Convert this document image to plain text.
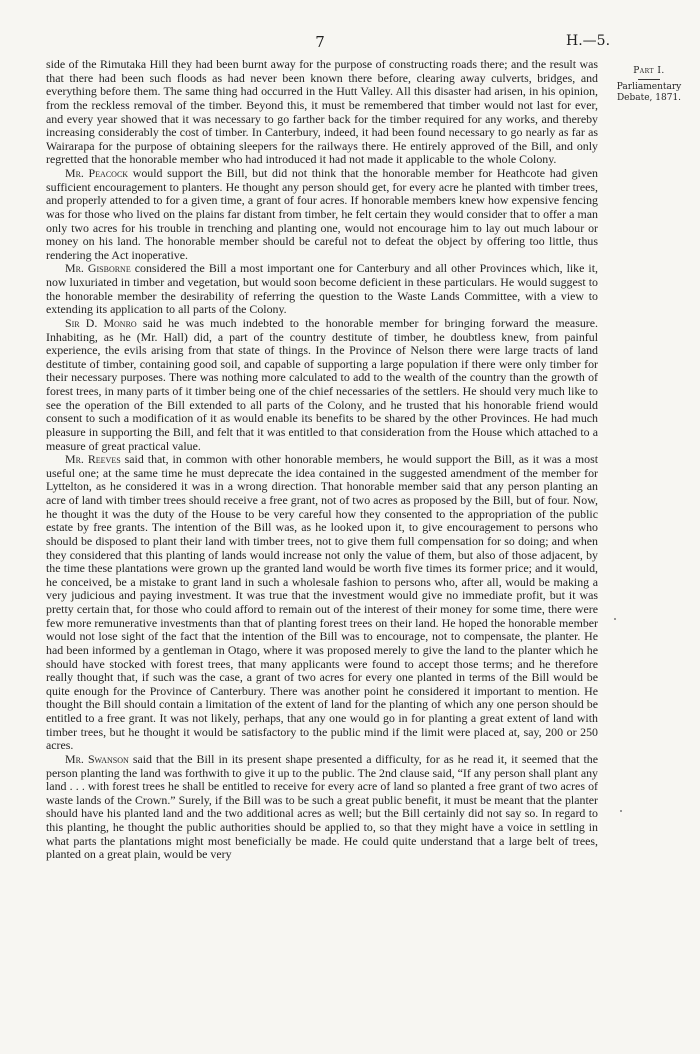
7	H.—5.
Part I.
Parliamentary
Debate, 1871.

side of the Rimutaka Hill they had been burnt away for the purpose of constructing roads there; and the result was that there had been such floods as had never been known there before, clearing away culverts, bridges, and everything before them. The same thing had occurred in the Hutt Valley. All this disaster had arisen, in his opinion, from the reckless removal of the timber. Beyond this, it must be remembered that timber would not last for ever, and every year showed that it was necessary to go farther back for the timber required for any works, and thereby increasing considerably the cost of timber. In Canterbury, indeed, it had been found necessary to go nearly as far as Wairarapa for the purpose of obtaining sleepers for the railways there. He entirely approved of the Bill, and only regretted that the honorable member who had introduced it had not made it applicable to the whole Colony.

Mr. Peacock would support the Bill, but did not think that the honorable member for Heathcote had given sufficient encouragement to planters. He thought any person should get, for every acre he planted with timber trees, and properly attended to for a given time, a grant of four acres. If honorable members knew how expensive fencing was for those who lived on the plains far distant from timber, he felt certain they would consider that to offer a man only two acres for his trouble in trenching and planting one, would not encourage him to lay out much labour or money on his land. The honorable member should be careful not to defeat the object by offering too little, thus rendering the Act inoperative.

Mr. Gisborne considered the Bill a most important one for Canterbury and all other Provinces which, like it, now luxuriated in timber and vegetation, but would soon become deficient in these particulars. He would suggest to the honorable member the desirability of referring the question to the Waste Lands Committee, with a view to extending its application to all parts of the Colony.

Sir D. Monro said he was much indebted to the honorable member for bringing forward the measure. Inhabiting, as he (Mr. Hall) did, a part of the country destitute of timber, he doubtless knew, from painful experience, the evils arising from that state of things. In the Province of Nelson there were large tracts of land destitute of timber, containing good soil, and capable of supporting a large population if there were only timber for their necessary purposes. There was nothing more calculated to add to the wealth of the country than the growth of forest trees, in many parts of it timber being one of the chief necessaries of the settlers. He should very much like to see the operation of the Bill extended to all parts of the Colony, and he trusted that his honorable friend would consent to such a modification of it as would enable its benefits to be shared by the other Provinces. He had much pleasure in supporting the Bill, and felt that it was entitled to that consideration from the House which attached to a measure of great practical value.

Mr. Reeves said that, in common with other honorable members, he would support the Bill, as it was a most useful one; at the same time he must deprecate the idea contained in the suggested amendment of the member for Lyttelton, as he considered it was in a wrong direction. That honorable member said that any person planting an acre of land with timber trees should receive a free grant, not of two acres as proposed by the Bill, but of four. Now, he thought it was the duty of the House to be very careful how they consented to the appropriation of the public estate by free grants. The intention of the Bill was, as he looked upon it, to give encouragement to persons who should be disposed to plant their land with timber trees, not to give them full compensation for so doing; and when they considered that this planting of lands would increase not only the value of them, but also of those adjacent, by the time these plantations were grown up the granted land would be worth five times its former price; and it would, he conceived, be a mistake to grant land in such a wholesale fashion to persons who, after all, would be making a very judicious and paying investment. It was true that the investment would give no immediate profit, but it was pretty certain that, for those who could afford to remain out of the interest of their money for some time, there were few more remunerative investments than that of planting forest trees on their land. He hoped the honorable member would not lose sight of the fact that the intention of the Bill was to encourage, not to compensate, the planter. He had been informed by a gentleman in Otago, where it was proposed merely to give the land to the planter which he should have stocked with forest trees, that many applicants were found to accept those terms; and he therefore really thought that, if such was the case, a grant of two acres for every one planted in terms of the Bill would be quite enough for the Province of Canterbury. There was another point he considered it important to mention. He thought the Bill should contain a limitation of the extent of land for the planting of which any one person should be entitled to a free grant. It was not likely, perhaps, that any one would go in for planting a great extent of land with timber trees, but he thought it would be satisfactory to the public mind if the limit were placed at, say, 200 or 250 acres.

Mr. Swanson said that the Bill in its present shape presented a difficulty, for as he read it, it seemed that the person planting the land was forthwith to give it up to the public. The 2nd clause said, “If any person shall plant any land . . . with forest trees he shall be entitled to receive for every acre of land so planted a free grant of two acres of waste lands of the Crown.” Surely, if the Bill was to be such a great public benefit, it must be meant that the planter should have his planted land and the two additional acres as well; but the Bill certainly did not say so. In regard to this planting, he thought the public authorities should be applied to, so that they might have a voice in settling in what parts the plantations might most beneficially be made. He could quite understand that a large belt of trees, planted on a great plain, would be very
